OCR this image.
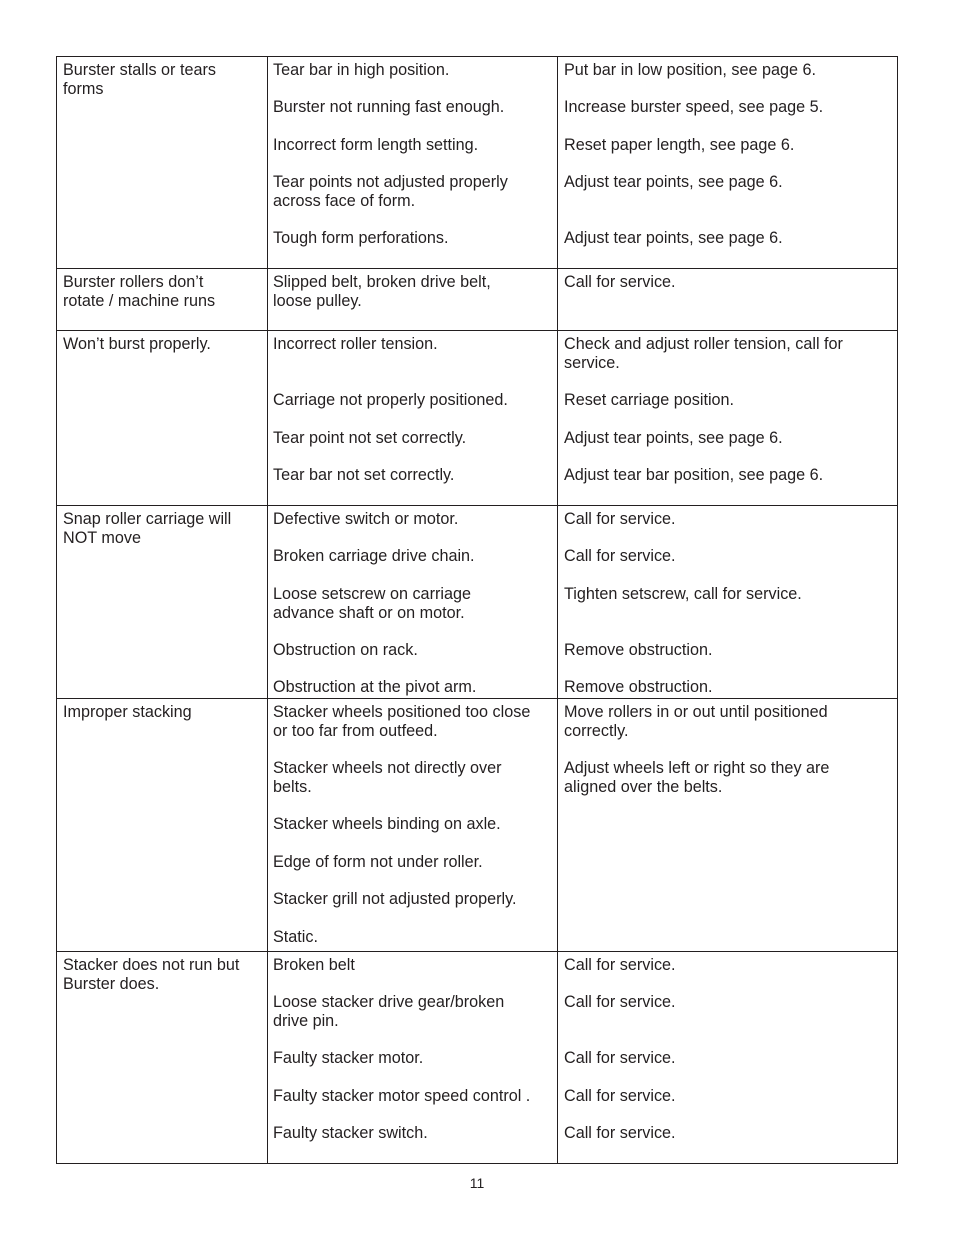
Burster stalls or tears
forms
Tear bar in high position.
Burster not running fast enough.
Incorrect form length setting.
Tear points not adjusted properly
across face of form.
Tough form perforations.
Put bar in low position, see page 6.
Increase burster speed, see page 5.
Reset paper length, see page 6.
Adjust tear points, see page 6.
Adjust tear points, see page 6.
Burster rollers don’t
rotate / machine runs
Slipped belt, broken drive belt,
loose pulley.
Call for service.
Won’t burst properly.	Incorrect roller tension.
Carriage not properly positioned.
Tear point not set correctly.
Tear bar not set correctly.
Check and adjust roller tension, call for
service.
Reset carriage position.
Adjust tear points, see page 6.
Adjust tear bar position, see page 6.
Snap roller carriage will
NOT move
Defective switch or motor.
Broken carriage drive chain.
Loose setscrew on carriage
advance shaft or on motor.
Obstruction on rack.
Obstruction at the pivot arm.
Call for service.
Call for service.
Tighten setscrew, call for service.
Remove obstruction.
Remove obstruction.
Improper stacking	Stacker wheels positioned too close
or too far from outfeed.
Stacker wheels not directly over
belts.
Stacker wheels binding on axle.
Edge of form not under roller.
Stacker grill not adjusted properly.
Static.
Move rollers in or out until positioned
correctly.
Adjust wheels left or right so they are
aligned over the belts.
Stacker does not run but
Burster does.
Broken belt
Loose stacker drive gear/broken
drive pin.
Faulty stacker motor.
Faulty stacker motor speed control .
Faulty stacker switch.
Call for service.
Call for service.
Call for service.
Call for service.
Call for service.
11
